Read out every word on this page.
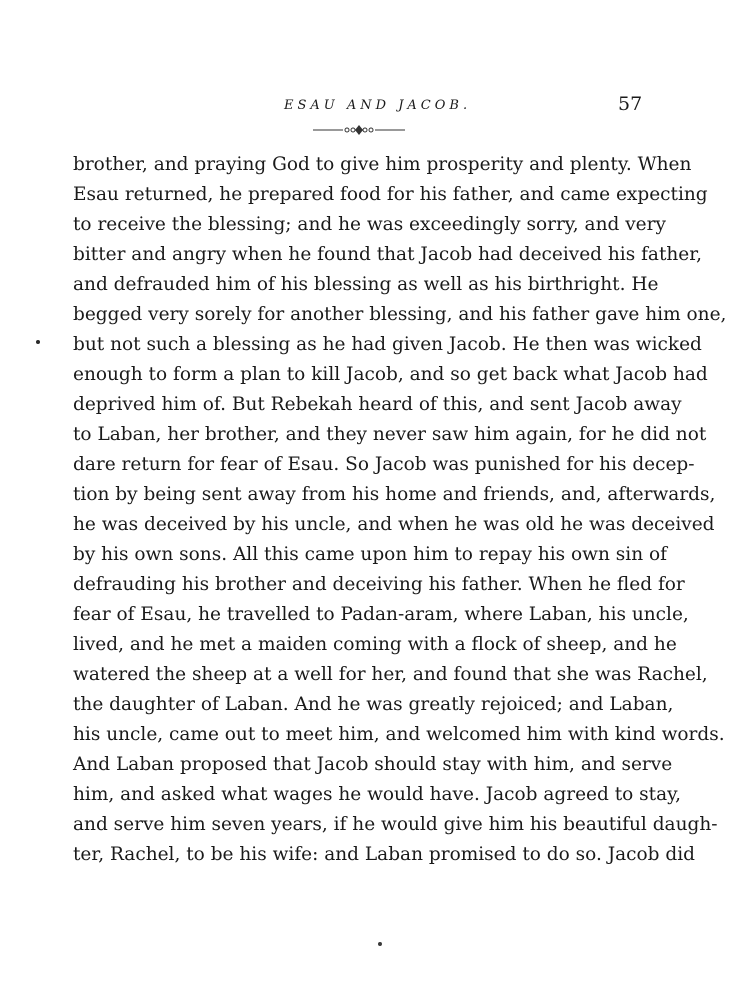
ESAU AND JACOB.	57
brother, and praying God to give him prosperity and plenty. When
Esau returned, he prepared food for his father, and came expecting
to receive the blessing; and he was exceedingly sorry, and very
bitter and angry when he found that Jacob had deceived his father,
and defrauded him of his blessing as well as his birthright. He
begged very sorely for another blessing, and his father gave him one,
but not such a blessing as he had given Jacob. He then was wicked
enough to form a plan to kill Jacob, and so get back what Jacob had
deprived him of. But Rebekah heard of this, and sent Jacob away
to Laban, her brother, and they never saw him again, for he did not
dare return for fear of Esau. So Jacob was punished for his decep-
tion by being sent away from his home and friends, and, afterwards,
he was deceived by his uncle, and when he was old he was deceived
by his own sons. All this came upon him to repay his own sin of
defrauding his brother and deceiving his father. When he fled for
fear of Esau, he travelled to Padan-aram, where Laban, his uncle,
lived, and he met a maiden coming with a flock of sheep, and he
watered the sheep at a well for her, and found that she was Rachel,
the daughter of Laban. And he was greatly rejoiced; and Laban,
his uncle, came out to meet him, and welcomed him with kind words.
And Laban proposed that Jacob should stay with him, and serve
him, and asked what wages he would have. Jacob agreed to stay,
and serve him seven years, if he would give him his beautiful daugh-
ter, Rachel, to be his wife: and Laban promised to do so. Jacob did
